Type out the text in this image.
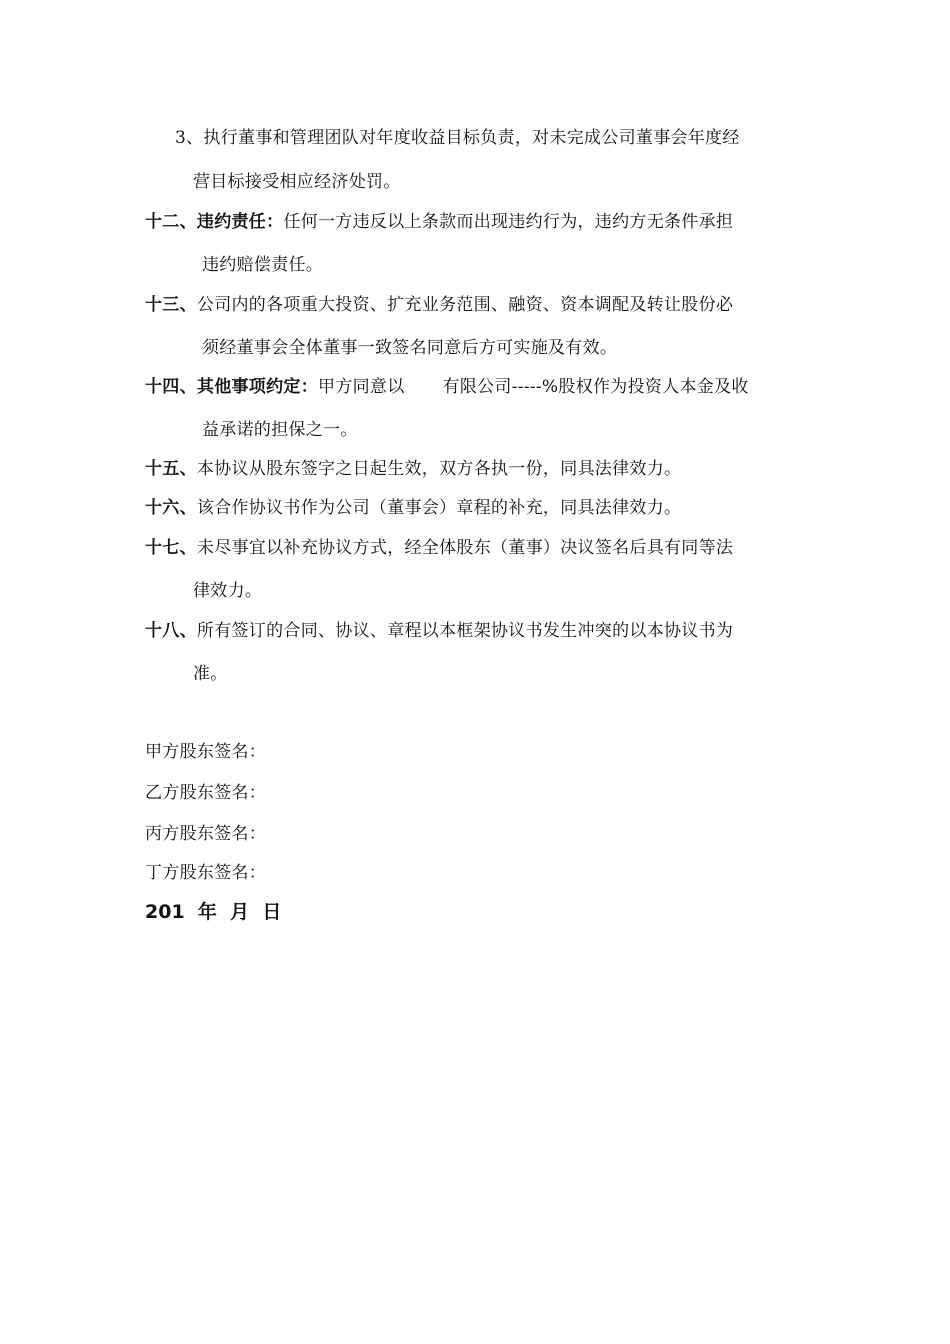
3、执行董事和管理团队对年度收益目标负责，对未完成公司董事会年度经
营目标接受相应经济处罚。
十二、违约责任：任何一方违反以上条款而出现违约行为，违约方无条件承担
违约赔偿责任。
十三、公司内的各项重大投资、扩充业务范围、融资、资本调配及转让股份必
须经董事会全体董事一致签名同意后方可实施及有效。
十四、其他事项约定：甲方同意以 有限公司-----%股权作为投资人本金及收
益承诺的担保之一。
十五、本协议从股东签字之日起生效，双方各执一份，同具法律效力。
十六、该合作协议书作为公司（董事会）章程的补充，同具法律效力。
十七、未尽事宜以补充协议方式，经全体股东（董事）决议签名后具有同等法
律效力。
十八、所有签订的合同、协议、章程以本框架协议书发生冲突的以本协议书为
准。
甲方股东签名：
乙方股东签名：
丙方股东签名：
丁方股东签名：
201  年  月  日
